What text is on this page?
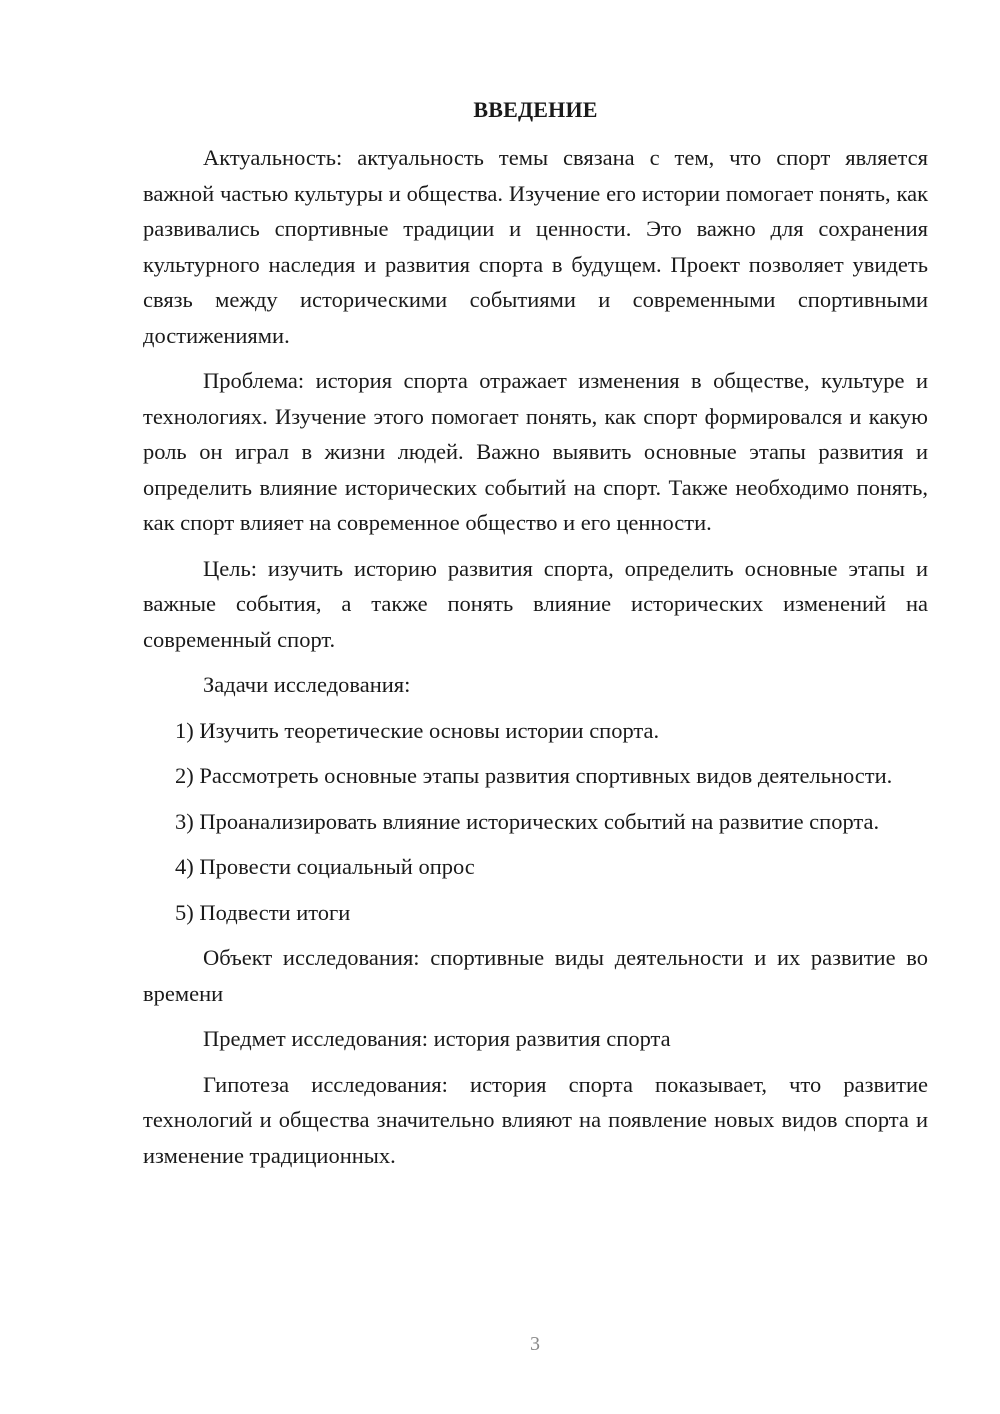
ВВЕДЕНИЕ

Актуальность: актуальность темы связана с тем, что спорт является важной частью культуры и общества. Изучение его истории помогает понять, как развивались спортивные традиции и ценности. Это важно для сохранения культурного наследия и развития спорта в будущем. Проект позволяет увидеть связь между историческими событиями и современными спортивными достижениями.

Проблема: история спорта отражает изменения в обществе, культуре и технологиях. Изучение этого помогает понять, как спорт формировался и какую роль он играл в жизни людей. Важно выявить основные этапы развития и определить влияние исторических событий на спорт. Также необходимо понять, как спорт влияет на современное общество и его ценности.

Цель: изучить историю развития спорта, определить основные этапы и важные события, а также понять влияние исторических изменений на современный спорт.

Задачи исследования:

1) Изучить теоретические основы истории спорта.

2) Рассмотреть основные этапы развития спортивных видов деятельности.

3) Проанализировать влияние исторических событий на развитие спорта.

4) Провести социальный опрос

5) Подвести итоги

Объект исследования: спортивные виды деятельности и их развитие во времени

Предмет исследования: история развития спорта

Гипотеза исследования: история спорта показывает, что развитие технологий и общества значительно влияют на появление новых видов спорта и изменение традиционных.

3
